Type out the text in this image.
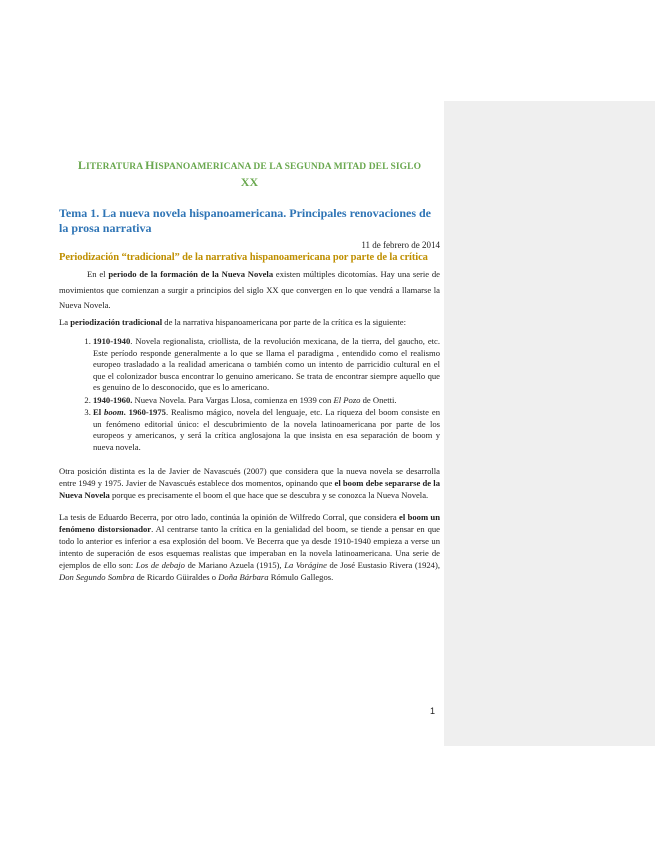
LITERATURA HISPANOAMERICANA DE LA SEGUNDA MITAD DEL SIGLO
XX
Tema 1. La nueva novela hispanoamericana. Principales renovaciones de la prosa narrativa
11 de febrero de 2014
Periodización “tradicional” de la narrativa hispanoamericana por parte de la crítica

En el periodo de la formación de la Nueva Novela existen múltiples dicotomías. Hay una serie de movimientos que comienzan a surgir a principios del siglo XX que convergen en lo que vendrá a llamarse la Nueva Novela.

La periodización tradicional de la narrativa hispanoamericana por parte de la crítica es la siguiente:

1. 1910-1940. Novela regionalista, criollista, de la revolución mexicana, de la tierra, del gaucho, etc. Este período responde generalmente a lo que se llama el paradigma , entendido como el realismo europeo trasladado a la realidad americana o también como un intento de parricidio cultural en el que el colonizador busca encontrar lo genuino americano. Se trata de encontrar siempre aquello que es genuino de lo desconocido, que es lo americano.
2. 1940-1960. Nueva Novela. Para Vargas Llosa, comienza en 1939 con El Pozo de Onetti.
3. El boom. 1960-1975. Realismo mágico, novela del lenguaje, etc. La riqueza del boom consiste en un fenómeno editorial único: el descubrimiento de la novela latinoamericana por parte de los europeos y americanos, y será la crítica anglosajona la que insista en esa separación de boom y nueva novela.

Otra posición distinta es la de Javier de Navascués (2007) que considera que la nueva novela se desarrolla entre 1949 y 1975. Javier de Navascués establece dos momentos, opinando que el boom debe separarse de la Nueva Novela porque es precisamente el boom el que hace que se descubra y se conozca la Nueva Novela.

La tesis de Eduardo Becerra, por otro lado, continúa la opinión de Wilfredo Corral, que considera el boom un fenómeno distorsionador. Al centrarse tanto la crítica en la genialidad del boom, se tiende a pensar en que todo lo anterior es inferior a esa explosión del boom. Ve Becerra que ya desde 1910-1940 empieza a verse un intento de superación de esos esquemas realistas que imperaban en la novela latinoamericana. Una serie de ejemplos de ello son: Los de debajo de Mariano Azuela (1915), La Vorágine de José Eustasio Rivera (1924), Don Segundo Sombra de Ricardo Güiraldes o Doña Bárbara Rómulo Gallegos.

1
